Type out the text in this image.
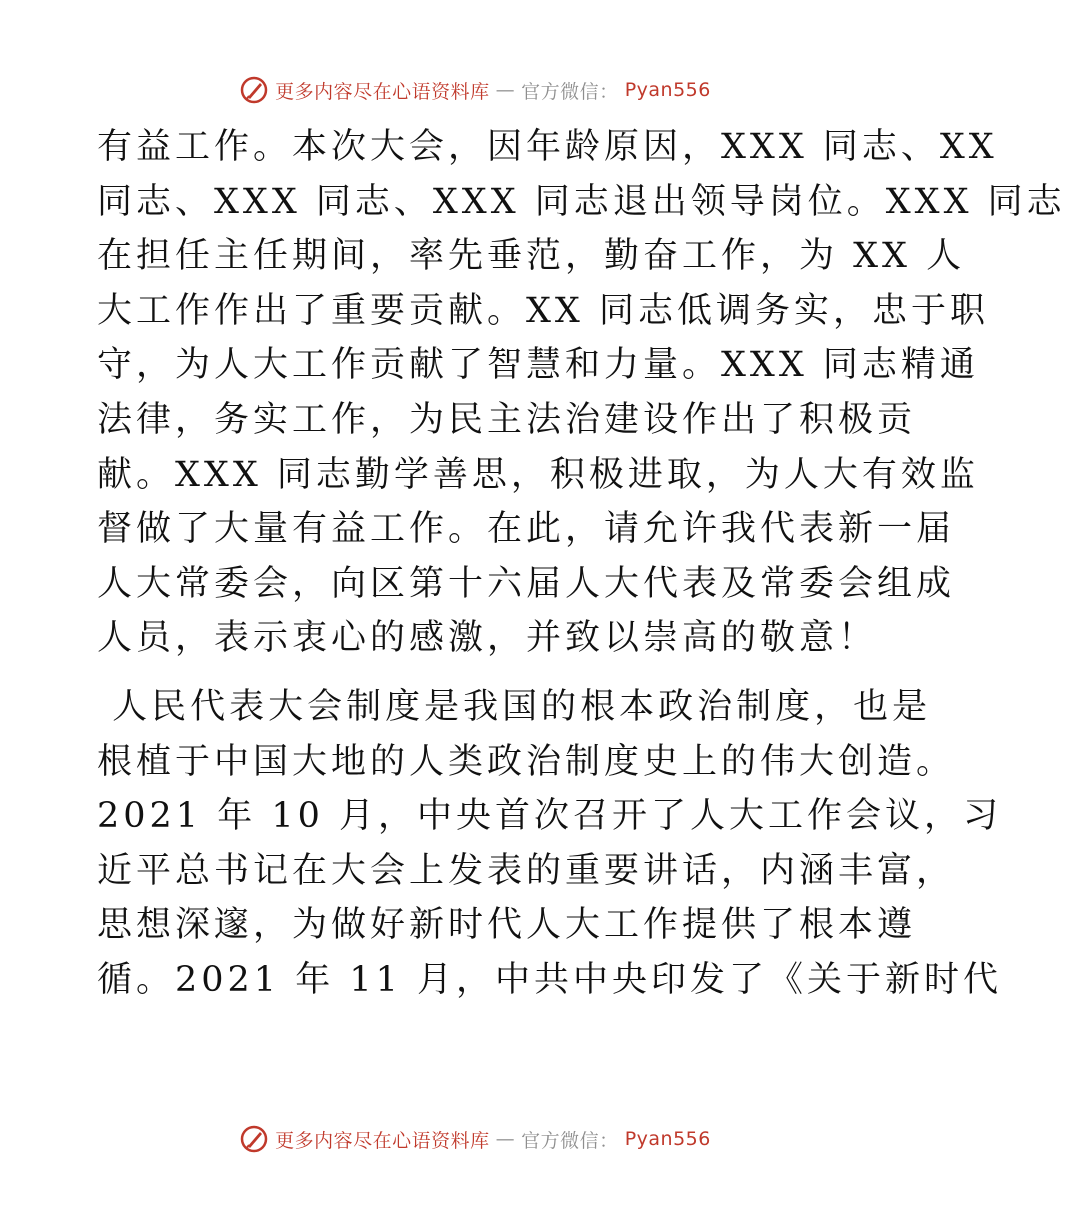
更多内容尽在心语资料库 — 官方微信： Pyan556

有益工作。本次大会，因年龄原因，XXX 同志、XX
同志、XXX 同志、XXX 同志退出领导岗位。XXX 同志
在担任主任期间，率先垂范，勤奋工作，为 XX 人
大工作作出了重要贡献。XX 同志低调务实，忠于职
守，为人大工作贡献了智慧和力量。XXX 同志精通
法律，务实工作，为民主法治建设作出了积极贡
献。XXX 同志勤学善思，积极进取，为人大有效监
督做了大量有益工作。在此，请允许我代表新一届
人大常委会，向区第十六届人大代表及常委会组成
人员，表示衷心的感激，并致以崇高的敬意！

人民代表大会制度是我国的根本政治制度，也是
根植于中国大地的人类政治制度史上的伟大创造。
2021 年 10 月，中央首次召开了人大工作会议，习
近平总书记在大会上发表的重要讲话，内涵丰富，
思想深邃，为做好新时代人大工作提供了根本遵
循。2021 年 11 月，中共中央印发了《关于新时代

更多内容尽在心语资料库 — 官方微信： Pyan556
